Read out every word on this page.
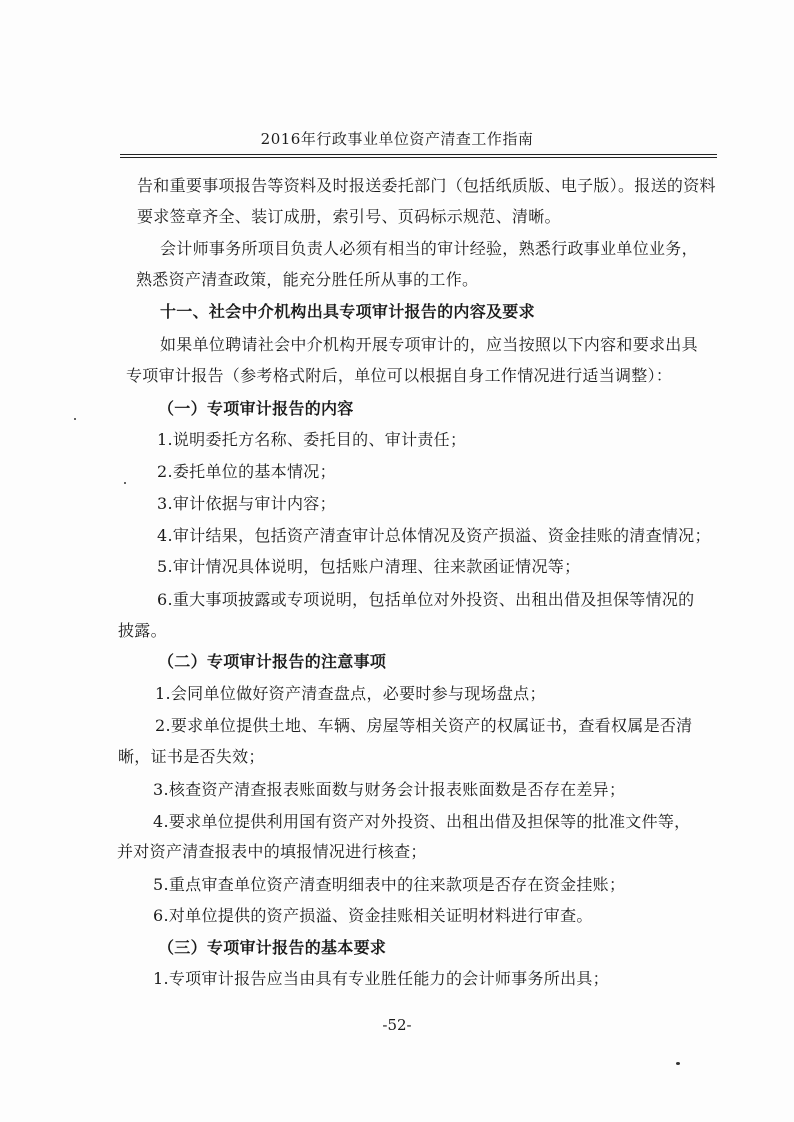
2016年行政事业单位资产清查工作指南
告和重要事项报告等资料及时报送委托部门（包括纸质版、电子版）。报送的资料
要求签章齐全、装订成册，索引号、页码标示规范、清晰。
会计师事务所项目负责人必须有相当的审计经验，熟悉行政事业单位业务，
熟悉资产清查政策，能充分胜任所从事的工作。
十一、社会中介机构出具专项审计报告的内容及要求
如果单位聘请社会中介机构开展专项审计的，应当按照以下内容和要求出具
专项审计报告（参考格式附后，单位可以根据自身工作情况进行适当调整）：
（一）专项审计报告的内容
1.说明委托方名称、委托目的、审计责任；
2.委托单位的基本情况；
3.审计依据与审计内容；
4.审计结果，包括资产清查审计总体情况及资产损溢、资金挂账的清查情况；
5.审计情况具体说明，包括账户清理、往来款函证情况等；
6.重大事项披露或专项说明，包括单位对外投资、出租出借及担保等情况的
披露。
（二）专项审计报告的注意事项
1.会同单位做好资产清查盘点，必要时参与现场盘点；
2.要求单位提供土地、车辆、房屋等相关资产的权属证书，查看权属是否清
晰，证书是否失效；
3.核查资产清查报表账面数与财务会计报表账面数是否存在差异；
4.要求单位提供利用国有资产对外投资、出租出借及担保等的批准文件等，
并对资产清查报表中的填报情况进行核查；
5.重点审查单位资产清查明细表中的往来款项是否存在资金挂账；
6.对单位提供的资产损溢、资金挂账相关证明材料进行审查。
（三）专项审计报告的基本要求
1.专项审计报告应当由具有专业胜任能力的会计师事务所出具；
-52-
